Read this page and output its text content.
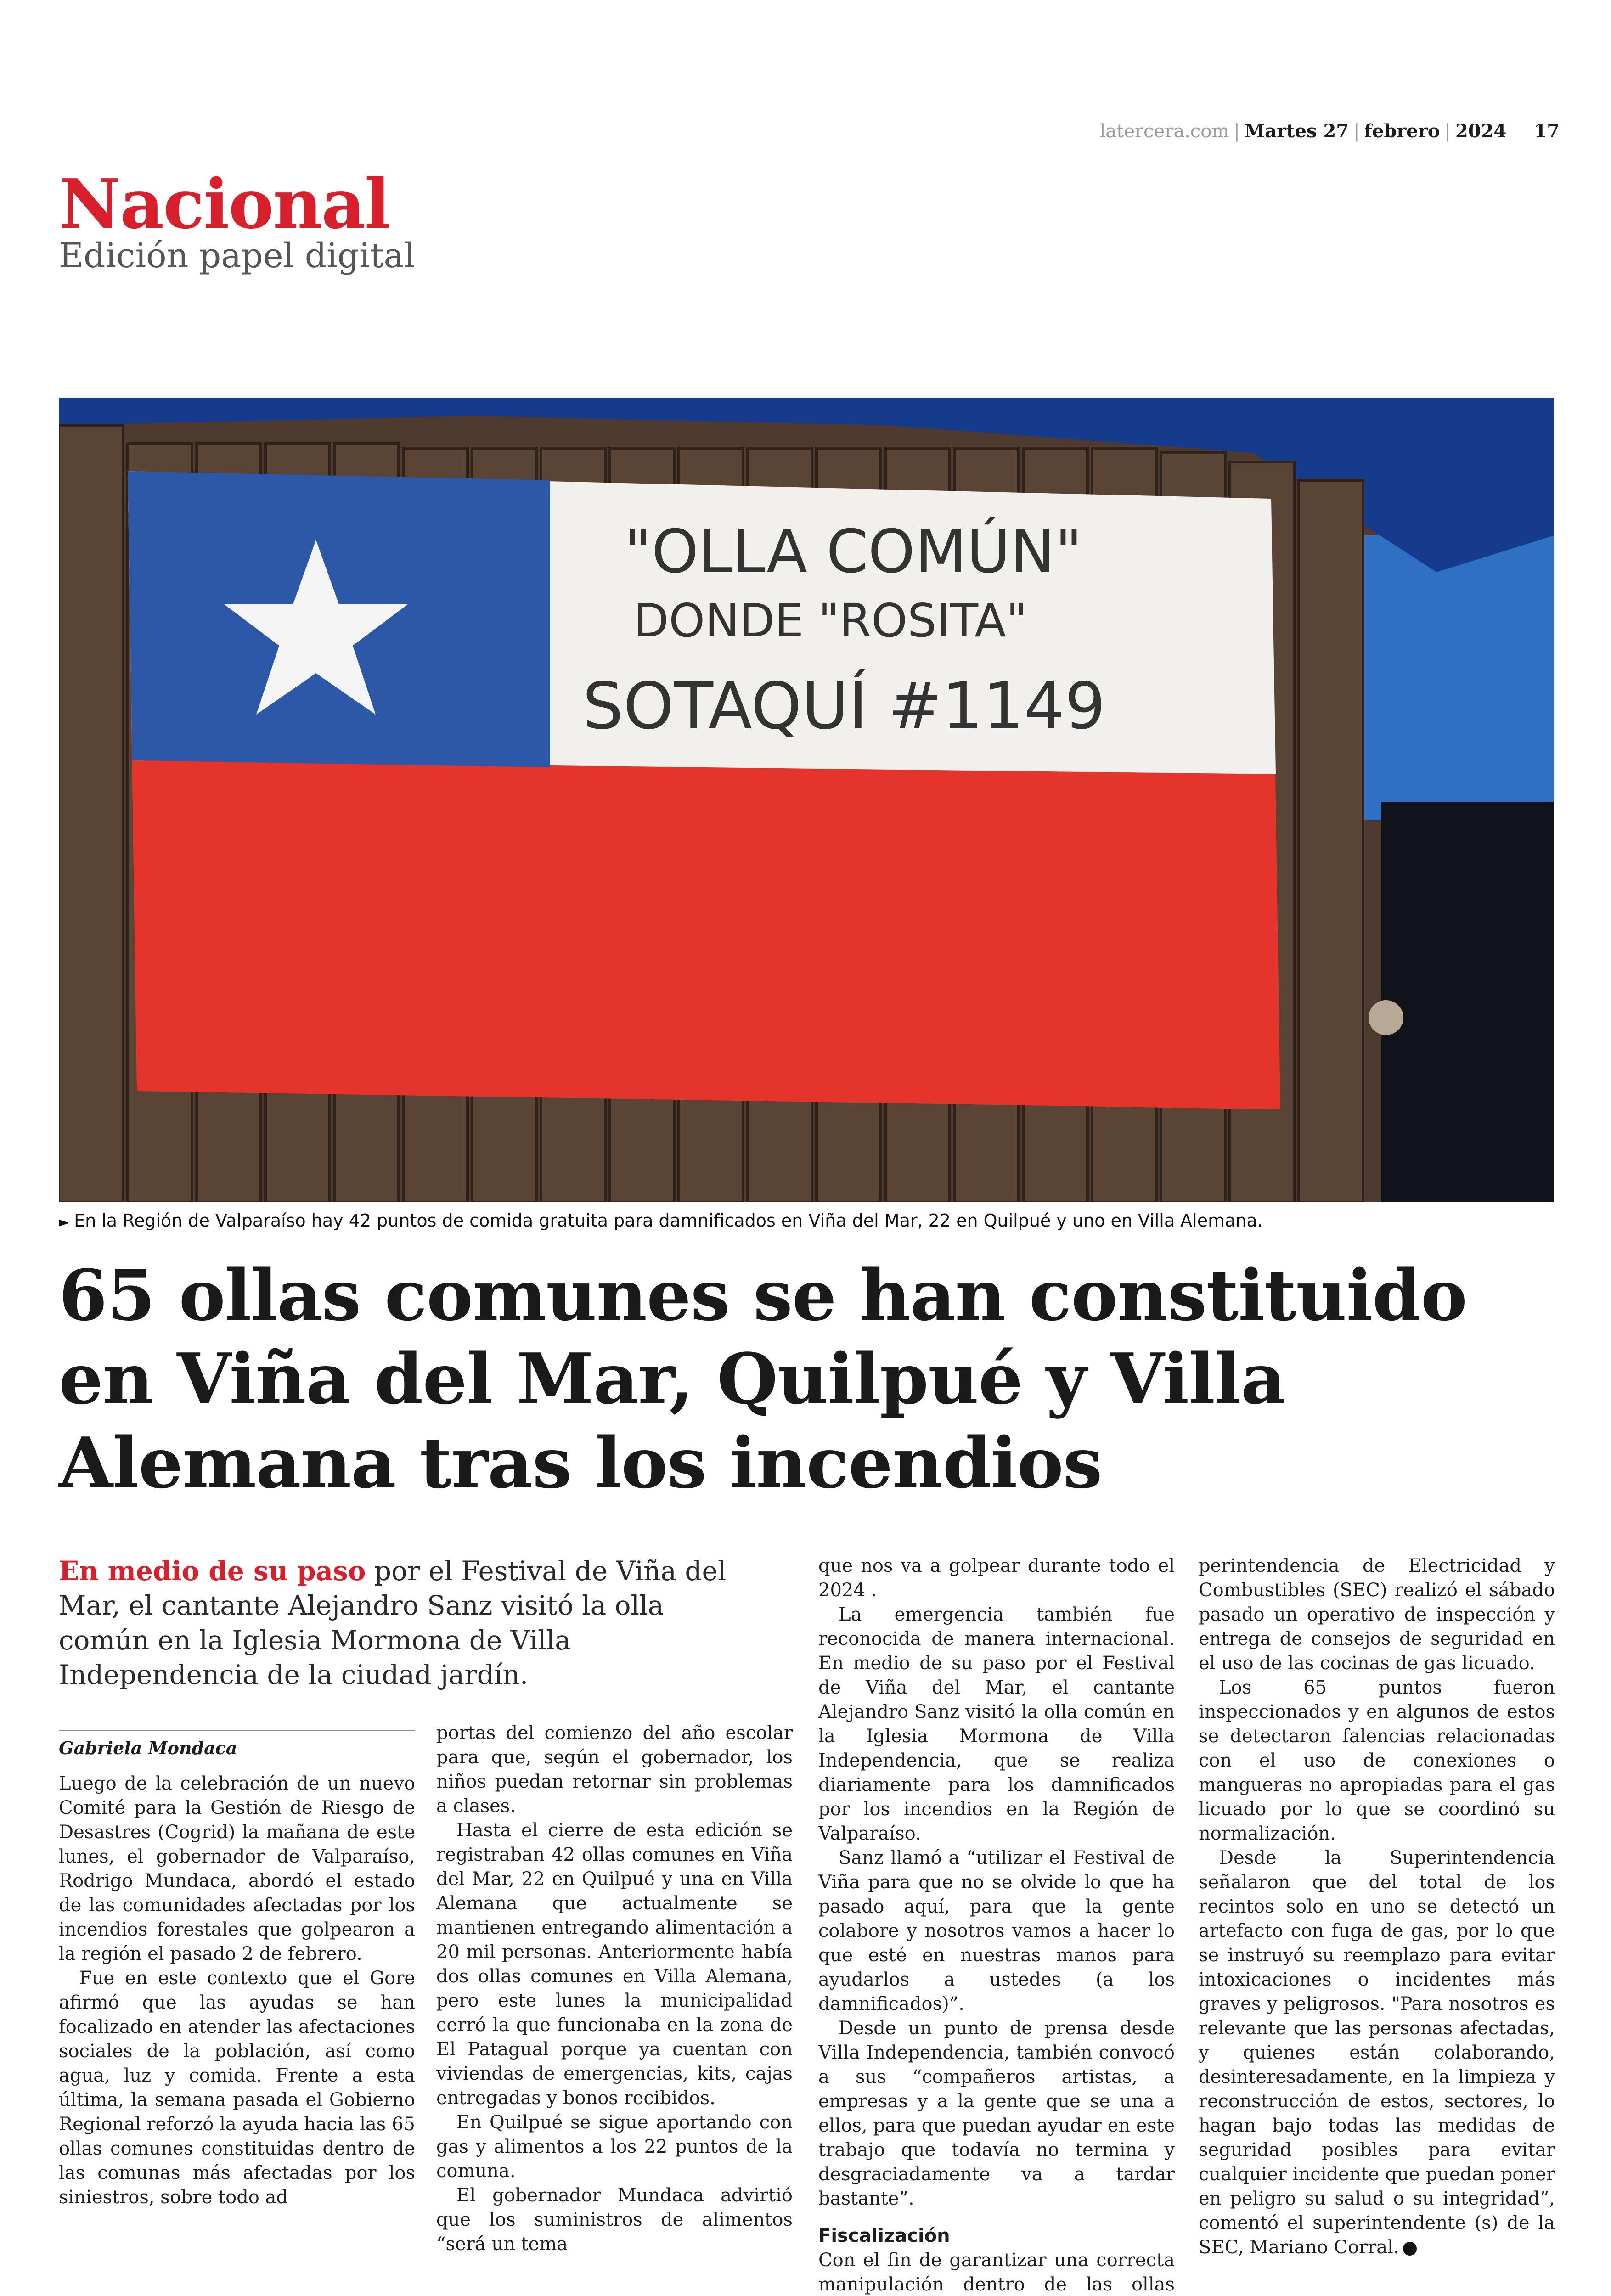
latercera.com | Martes 27 | febrero | 2024 17
Nacional
Edición papel digital
"OLLA COMÚN"
DONDE "ROSITA"
SOTAQUÍ #1149
► En la Región de Valparaíso hay 42 puntos de comida gratuita para damnificados en Viña del Mar, 22 en Quilpué y uno en Villa Alemana.
65 ollas comunes se han constituido en Viña del Mar, Quilpué y Villa Alemana tras los incendios
En medio de su paso por el Festival de Viña del Mar, el cantante Alejandro Sanz visitó la olla común en la Iglesia Mormona de Villa Independencia de la ciudad jardín.
Gabriela Mondaca

Luego de la celebración de un nuevo Comité para la Gestión de Riesgo de Desastres (Cogrid) la mañana de este lunes, el gobernador de Valparaíso, Rodrigo Mundaca, abordó el estado de las comunidades afectadas por los incendios forestales que golpearon a la región el pasado 2 de febrero.

Fue en este contexto que el Gore afirmó que las ayudas se han focalizado en atender las afectaciones sociales de la población, así como agua, luz y comida. Frente a esta última, la semana pasada el Gobierno Regional reforzó la ayuda hacia las 65 ollas comunes constituidas dentro de las comunas más afectadas por los siniestros, sobre todo ad

portas del comienzo del año escolar para que, según el gobernador, los niños puedan retornar sin problemas a clases.

Hasta el cierre de esta edición se registraban 42 ollas comunes en Viña del Mar, 22 en Quilpué y una en Villa Alemana que actualmente se mantienen entregando alimentación a 20 mil personas. Anteriormente había dos ollas comunes en Villa Alemana, pero este lunes la municipalidad cerró la que funcionaba en la zona de El Patagual porque ya cuentan con viviendas de emergencias, kits, cajas entregadas y bonos recibidos.

En Quilpué se sigue aportando con gas y alimentos a los 22 puntos de la comuna.

El gobernador Mundaca advirtió que los suministros de alimentos “será un tema

que nos va a golpear durante todo el 2024 .

La emergencia también fue reconocida de manera internacional. En medio de su paso por el Festival de Viña del Mar, el cantante Alejandro Sanz visitó la olla común en la Iglesia Mormona de Villa Independencia, que se realiza diariamente para los damnificados por los incendios en la Región de Valparaíso.

Sanz llamó a “utilizar el Festival de Viña para que no se olvide lo que ha pasado aquí, para que la gente colabore y nosotros vamos a hacer lo que esté en nuestras manos para ayudarlos a ustedes (a los damnificados)”.

Desde un punto de prensa desde Villa Independencia, también convocó a sus “compañeros artistas, a empresas y a la gente que se una a ellos, para que puedan ayudar en este trabajo que todavía no termina y desgraciadamente va a tardar bastante”.

Fiscalización

Con el fin de garantizar una correcta manipulación dentro de las ollas

perintendencia de Electricidad y Combustibles (SEC) realizó el sábado pasado un operativo de inspección y entrega de consejos de seguridad en el uso de las cocinas de gas licuado.

Los 65 puntos fueron inspeccionados y en algunos de estos se detectaron falencias relacionadas con el uso de conexiones o mangueras no apropiadas para el gas licuado por lo que se coordinó su normalización.

Desde la Superintendencia señalaron que del total de los recintos solo en uno se detectó un artefacto con fuga de gas, por lo que se instruyó su reemplazo para evitar intoxicaciones o incidentes más graves y peligrosos. "Para nosotros es relevante que las personas afectadas, y quienes están colaborando, desinteresadamente, en la limpieza y reconstrucción de estos, sectores, lo hagan bajo todas las medidas de seguridad posibles para evitar cualquier incidente que puedan poner en peligro su salud o su integridad”, comentó el superintendente (s) de la SEC, Mariano Corral.
